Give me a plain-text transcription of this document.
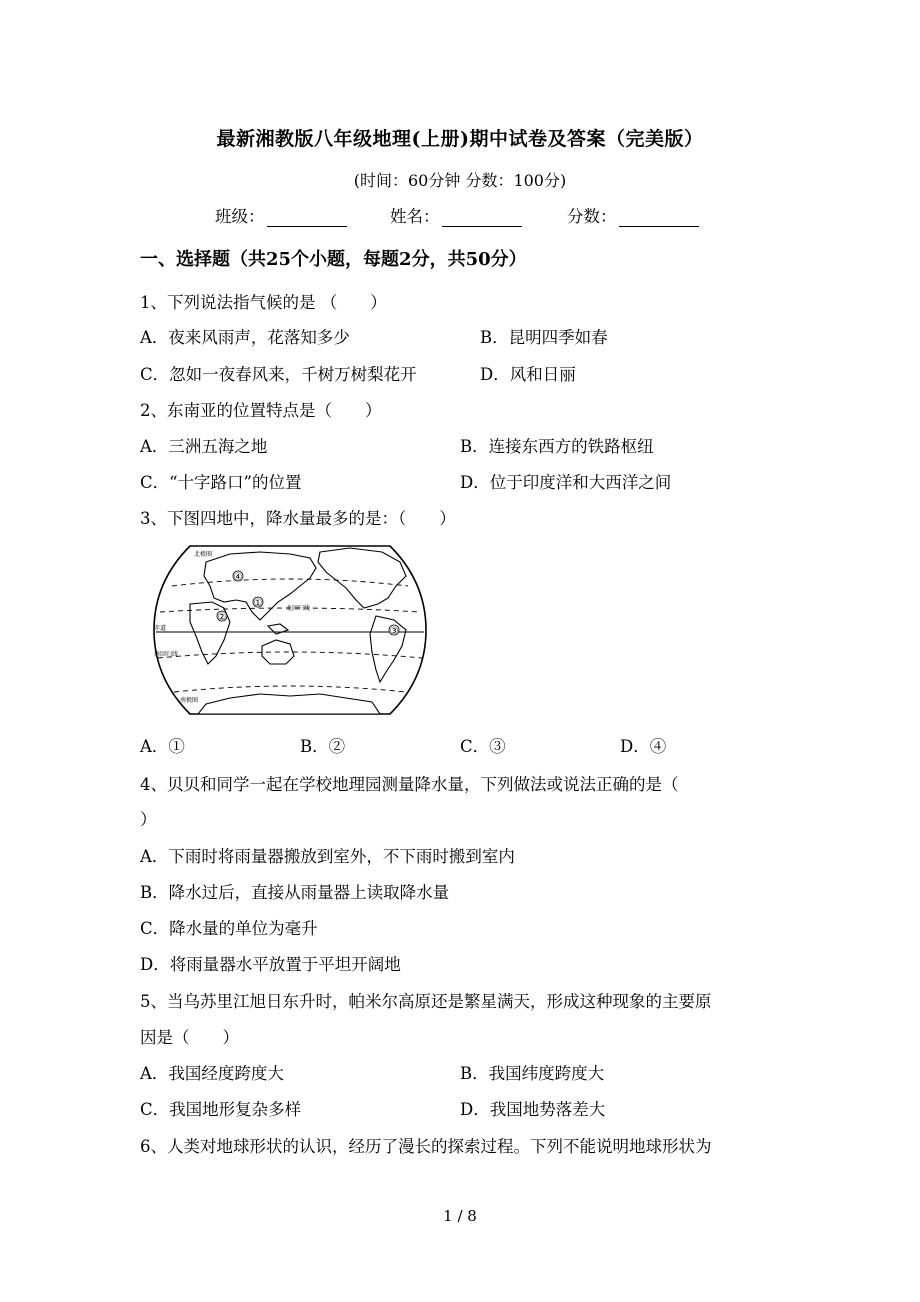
最新湘教版八年级地理(上册)期中试卷及答案（完美版）
(时间：60分钟 分数：100分)
班级：	姓名：	分数：
一、选择题（共25个小题，每题2分，共50分）
1、下列说法指气候的是 （　　）
A．夜来风雨声，花落知多少	B．昆明四季如春
C．忽如一夜春风来，千树万树梨花开	D．风和日丽
2、东南亚的位置特点是（　　）
A．三洲五海之地	B．连接东西方的铁路枢纽
C．“十字路口”的位置	D．位于印度洋和大西洋之间
3、下图四地中，降水量最多的是：（　　）
①
②
③
④
北回归线
赤道
南回归线
北极圈
南极圈
A．①	B．②	C．③	D．④
4、贝贝和同学一起在学校地理园测量降水量，下列做法或说法正确的是（
）
A．下雨时将雨量器搬放到室外，不下雨时搬到室内
B．降水过后，直接从雨量器上读取降水量
C．降水量的单位为毫升
D．将雨量器水平放置于平坦开阔地
5、当乌苏里江旭日东升时，帕米尔高原还是繁星满天，形成这种现象的主要原
因是（　　）
A．我国经度跨度大	B．我国纬度跨度大
C．我国地形复杂多样	D．我国地势落差大
6、人类对地球形状的认识，经历了漫长的探索过程。下列不能说明地球形状为
1 / 8
